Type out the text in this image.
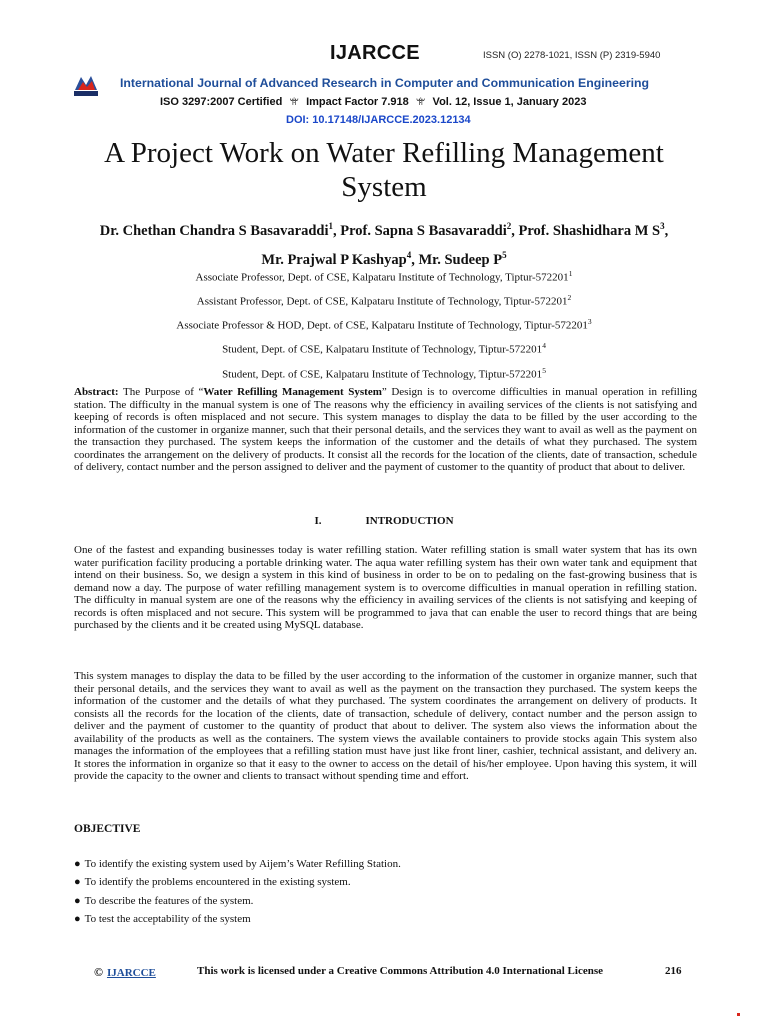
IJARCCE	ISSN (O) 2278-1021, ISSN (P) 2319-5940
International Journal of Advanced Research in Computer and Communication Engineering
ISO 3297:2007 Certified ꕍ Impact Factor 7.918 ꕍ Vol. 12, Issue 1, January 2023
DOI: 10.17148/IJARCCE.2023.12134
A Project Work on Water Refilling Management System
Dr. Chethan Chandra S Basavaraddi$^1$, Prof. Sapna S Basavaraddi$^2$, Prof. Shashidhara M $S^3$,
Mr. Prajwal P Kashyap$^4$, Mr. Sudeep $P^5$
Associate Professor, Dept. of CSE, Kalpataru Institute of Technology, Tiptur-572201$^1$
Assistant Professor, Dept. of CSE, Kalpataru Institute of Technology, Tiptur-572201$^2$
Associate Professor & HOD, Dept. of CSE, Kalpataru Institute of Technology, Tiptur-572201$^3$
Student, Dept. of CSE, Kalpataru Institute of Technology, Tiptur-572201$^4$
Student, Dept. of CSE, Kalpataru Institute of Technology, Tiptur-572201$^5$
Abstract: The Purpose of “Water Refilling Management System” Design is to overcome difficulties in manual operation in refilling station. The difficulty in the manual system is one of The reasons why the efficiency in availing services of the clients is not satisfying and keeping of records is often misplaced and not secure. This system manages to display the data to be filled by the user according to the information of the customer in organize manner, such that their personal details, and the services they want to avail as well as the payment on the transaction they purchased. The system keeps the information of the customer and the details of what they purchased. The system coordinates the arrangement on the delivery of products. It consist all the records for the location of the clients, date of transaction, schedule of delivery, contact number and the person assigned to deliver and the payment of customer to the quantity of product that about to deliver.
I.	INTRODUCTION
One of the fastest and expanding businesses today is water refilling station. Water refilling station is small water system that has its own water purification facility producing a portable drinking water. The aqua water refilling system has their own water tank and equipment that intend on their business. So, we design a system in this kind of business in order to be on to pedaling on the fast-growing business that is demand now a day. The purpose of water refilling management system is to overcome difficulties in manual operation in refilling station. The difficulty in manual system are one of the reasons why the efficiency in availing services of the clients is not satisfying and keeping of records is often misplaced and not secure. This system will be programmed to java that can enable the user to record things that are being purchased by the clients and it be created using MySQL database.
This system manages to display the data to be filled by the user according to the information of the customer in organize manner, such that their personal details, and the services they want to avail as well as the payment on the transaction they purchased. The system keeps the information of the customer and the details of what they purchased. The system coordinates the arrangement on delivery of products. It consists all the records for the location of the clients, date of transaction, schedule of delivery, contact number and the person assign to deliver and the payment of customer to the quantity of product that about to deliver. The system also views the information about the availability of the products as well as the containers. The system views the available containers to provide stocks again This system also manages the information of the employees that a refilling station must have just like front liner, cashier, technical assistant, and delivery an. It stores the information in organize so that it easy to the owner to access on the detail of his/her employee. Upon having this system, it will provide the capacity to the owner and clients to transact without spending time and effort.
OBJECTIVE
● To identify the existing system used by Aijem’s Water Refilling Station.
● To identify the problems encountered in the existing system.
● To describe the features of the system.
● To test the acceptability of the system
© IJARCCE	This work is licensed under a Creative Commons Attribution 4.0 International License	216
